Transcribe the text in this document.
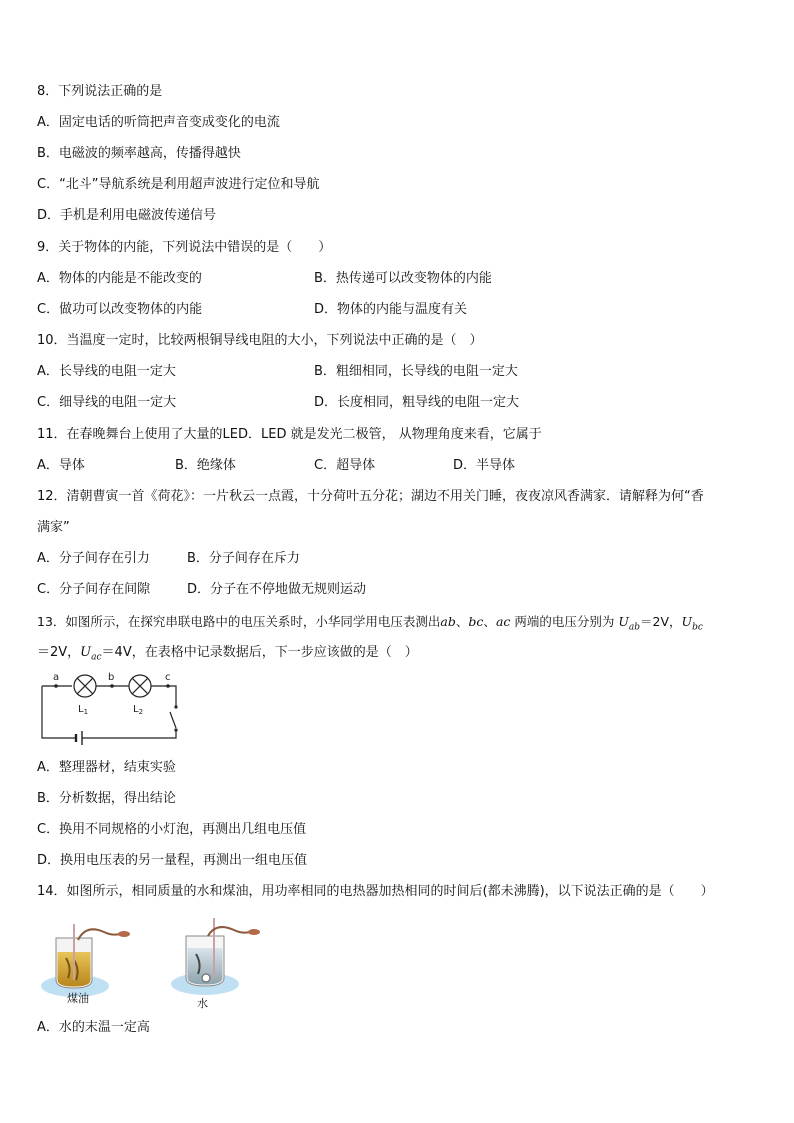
8．下列说法正确的是
A．固定电话的听筒把声音变成变化的电流
B．电磁波的频率越高，传播得越快
C．“北斗”导航系统是利用超声波进行定位和导航
D．手机是利用电磁波传递信号
9．关于物体的内能，下列说法中错误的是（　　）
A．物体的内能是不能改变的	B．热传递可以改变物体的内能
C．做功可以改变物体的内能	D．物体的内能与温度有关
10．当温度一定时，比较两根铜导线电阻的大小，下列说法中正确的是（　）
A．长导线的电阻一定大	B．粗细相同，长导线的电阻一定大
C．细导线的电阻一定大	D．长度相同，粗导线的电阻一定大
11．在春晚舞台上使用了大量的LED．LED 就是发光二极管， 从物理角度来看，它属于
A．导体	B．绝缘体	C．超导体	D．半导体
12．清朝曹寅一首《荷花》：一片秋云一点霞，十分荷叶五分花；湖边不用关门睡，夜夜凉风香满家．请解释为何“香
满家”
A．分子间存在引力	B．分子间存在斥力
C．分子间存在间隙	D．分子在不停地做无规则运动
13．如图所示，在探究串联电路中的电压关系时，小华同学用电压表测出ab、bc、ac 两端的电压分别为 $U_{ab}=2V$，$U_{bc}$
＝2V，$U_{ac}=4V$，在表格中记录数据后，下一步应该做的是（　）
a	b	c
$L_1$	$L_2$
A．整理器材，结束实验
B．分析数据，得出结论
C．换用不同规格的小灯泡，再测出几组电压值
D．换用电压表的另一量程，再测出一组电压值
14．如图所示，相同质量的水和煤油，用功率相同的电热器加热相同的时间后(都未沸腾)，以下说法正确的是（　　）
煤油	水
A．水的末温一定高
